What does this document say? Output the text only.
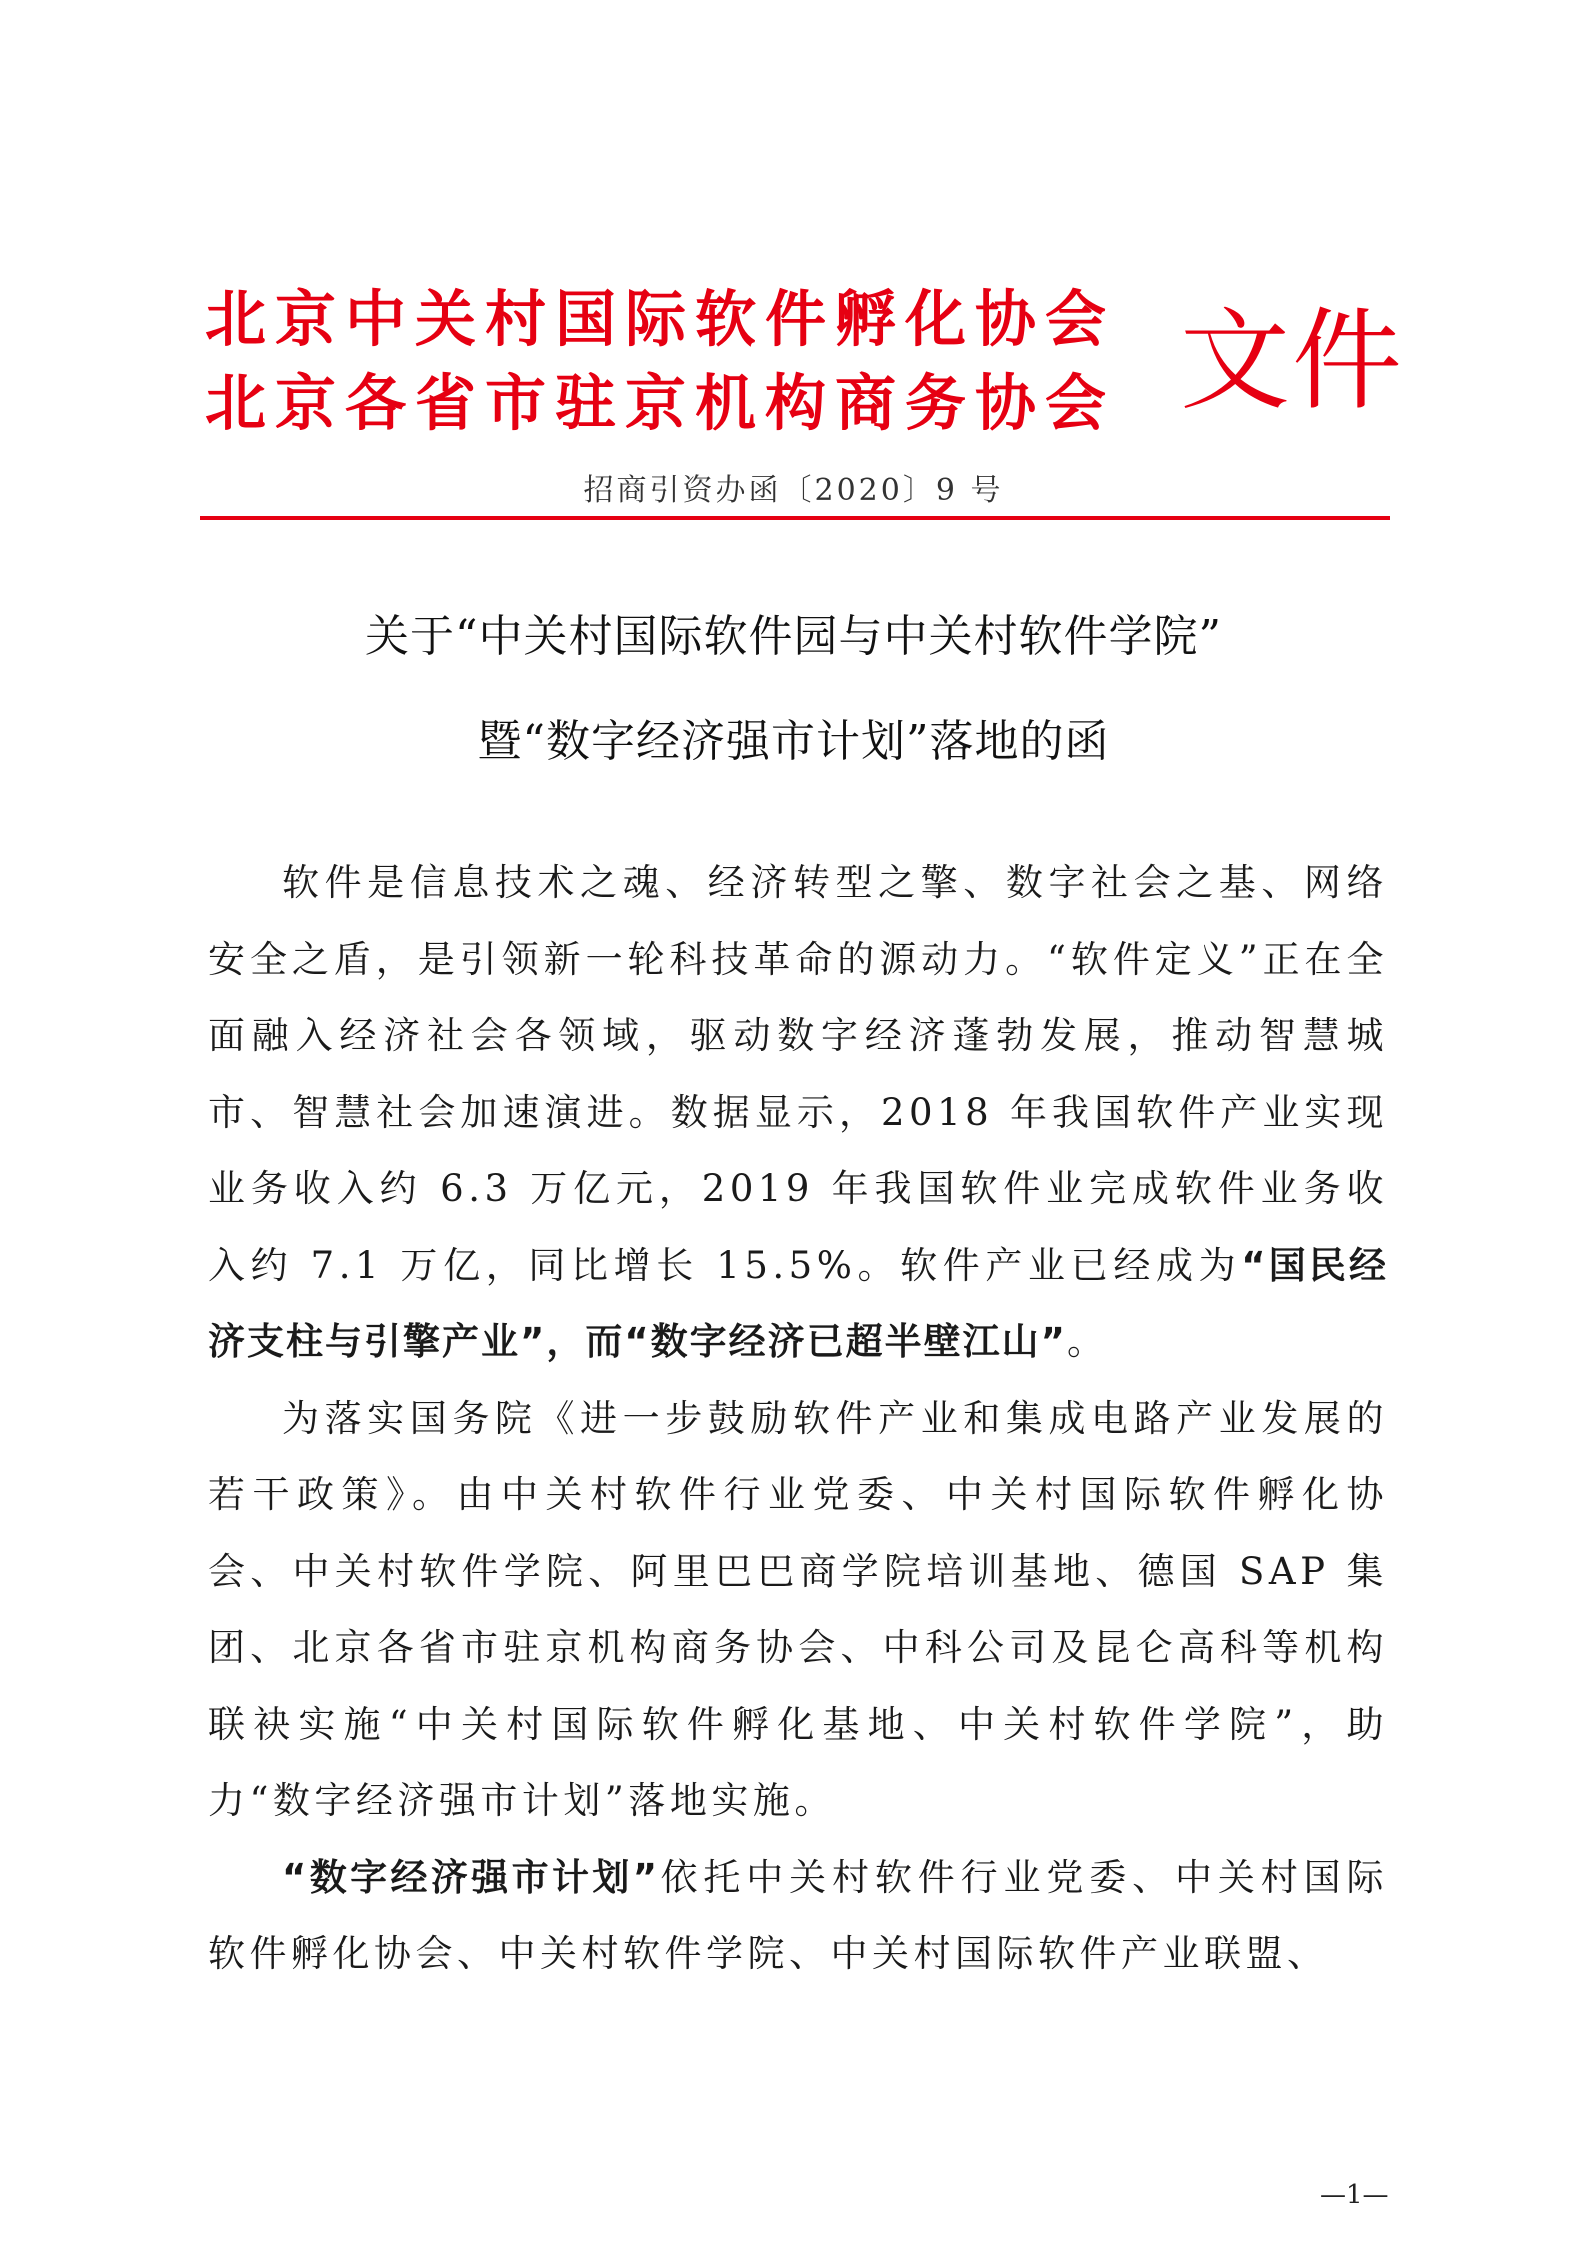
北京中关村国际软件孵化协会
北京各省市驻京机构商务协会 文件
招商引资办函〔2020〕9 号
关于“中关村国际软件园与中关村软件学院”
暨“数字经济强市计划”落地的函

软件是信息技术之魂、经济转型之擎、数字社会之基、网络安全之盾，是引领新一轮科技革命的源动力。“软件定义”正在全面融入经济社会各领域，驱动数字经济蓬勃发展，推动智慧城市、智慧社会加速演进。数据显示，2018 年我国软件产业实现业务收入约 6.3 万亿元，2019 年我国软件业完成软件业务收入约 7.1 万亿，同比增长 15.5%。软件产业已经成为“国民经济支柱与引擎产业”，而“数字经济已超半壁江山”。

为落实国务院《进一步鼓励软件产业和集成电路产业发展的若干政策》。由中关村软件行业党委、中关村国际软件孵化协会、中关村软件学院、阿里巴巴商学院培训基地、德国 SAP 集团、北京各省市驻京机构商务协会、中科公司及昆仑高科等机构联袂实施“中关村国际软件孵化基地、中关村软件学院”，助力“数字经济强市计划”落地实施。

“数字经济强市计划”依托中关村软件行业党委、中关村国际软件孵化协会、中关村软件学院、中关村国际软件产业联盟、

—1—
